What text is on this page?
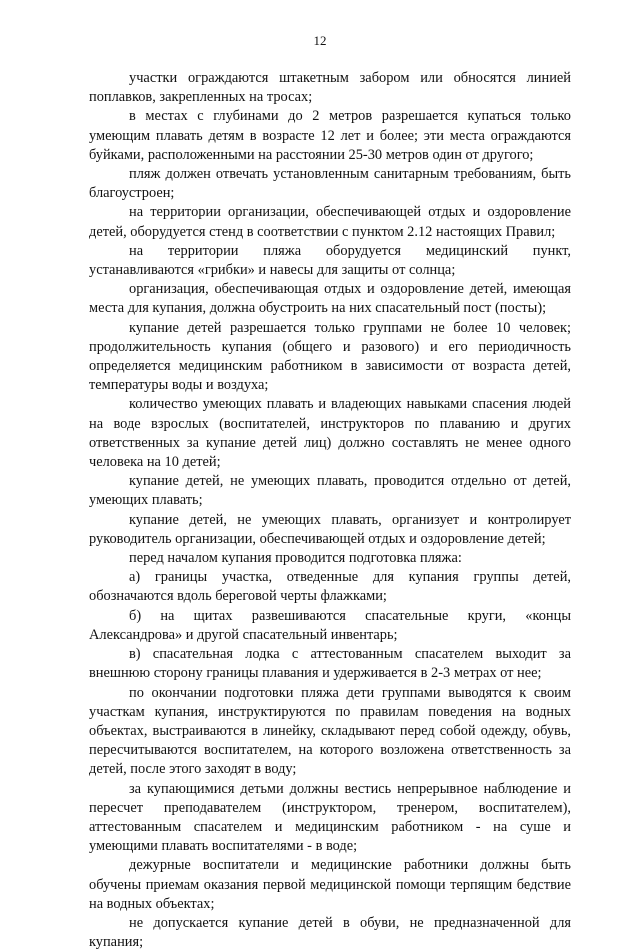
12

участки ограждаются штакетным забором или обносятся линией поплавков, закрепленных на тросах;

в местах с глубинами до 2 метров разрешается купаться только умеющим плавать детям в возрасте 12 лет и более; эти места ограждаются буйками, расположенными на расстоянии 25-30 метров один от другого;

пляж должен отвечать установленным санитарным требованиям, быть благоустроен;

на территории организации, обеспечивающей отдых и оздоровление детей, оборудуется стенд в соответствии с пунктом 2.12 настоящих Правил;

на территории пляжа оборудуется медицинский пункт, устанавливаются «грибки» и навесы для защиты от солнца;

организация, обеспечивающая отдых и оздоровление детей, имеющая места для купания, должна обустроить на них спасательный пост (посты);

купание детей разрешается только группами не более 10 человек; продолжительность купания (общего и разового) и его периодичность определяется медицинским работником в зависимости от возраста детей, температуры воды и воздуха;

количество умеющих плавать и владеющих навыками спасения людей на воде взрослых (воспитателей, инструкторов по плаванию и других ответственных за купание детей лиц) должно составлять не менее одного человека на 10 детей;

купание детей, не умеющих плавать, проводится отдельно от детей, умеющих плавать;

купание детей, не умеющих плавать, организует и контролирует руководитель организации, обеспечивающей отдых и оздоровление детей;

перед началом купания проводится подготовка пляжа:

а) границы участка, отведенные для купания группы детей, обозначаются вдоль береговой черты флажками;

б) на щитах развешиваются спасательные круги, «концы Александрова» и другой спасательный инвентарь;

в) спасательная лодка с аттестованным спасателем выходит за внешнюю сторону границы плавания и удерживается в 2-3 метрах от нее;

по окончании подготовки пляжа дети группами выводятся к своим участкам купания, инструктируются по правилам поведения на водных объектах, выстраиваются в линейку, складывают перед собой одежду, обувь, пересчитываются воспитателем, на которого возложена ответственность за детей, после этого заходят в воду;

за купающимися детьми должны вестись непрерывное наблюдение и пересчет преподавателем (инструктором, тренером, воспитателем), аттестованным спасателем и медицинским работником - на суше и умеющими плавать воспитателями - в воде;

дежурные воспитатели и медицинские работники должны быть обучены приемам оказания первой медицинской помощи терпящим бедствие на водных объектах;

не допускается купание детей в обуви, не предназначенной для купания;
